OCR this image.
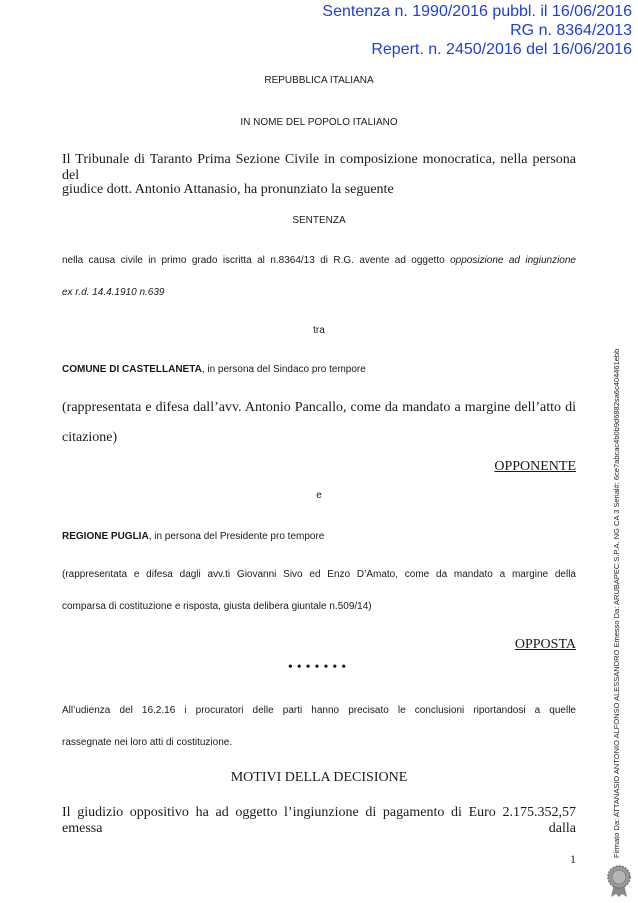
Sentenza n. 1990/2016 pubbl. il 16/06/2016
RG n. 8364/2013
Repert. n. 2450/2016 del 16/06/2016
REPUBBLICA ITALIANA
IN NOME DEL POPOLO ITALIANO
Il Tribunale di Taranto Prima Sezione Civile in composizione monocratica, nella persona del
giudice dott. Antonio Attanasio, ha pronunziato la seguente
SENTENZA
nella causa civile in primo grado iscritta al n.8364/13 di R.G. avente ad oggetto opposizione ad ingiunzione
ex r.d. 14.4.1910 n.639
tra
COMUNE DI CASTELLANETA, in persona del Sindaco pro tempore
(rappresentata e difesa dall’avv. Antonio Pancallo, come da mandato a margine dell’atto di
citazione)
OPPONENTE
e
REGIONE PUGLIA, in persona del Presidente pro tempore
(rappresentata e difesa dagli avv.ti Giovanni Sivo ed Enzo D’Amato, come da mandato a margine della
comparsa di costituzione e risposta, giusta delibera giuntale n.509/14)
OPPOSTA
•••••••
All’udienza del 16.2.16 i procuratori delle parti hanno precisato le conclusioni riportandosi a quelle
rassegnate nei loro atti di costituzione.
MOTIVI DELLA DECISIONE
Il giudizio oppositivo ha ad oggetto l’ingiunzione di pagamento di Euro 2.175.352,57 emessa dalla
1
Firmato Da: ATTANASIO ANTONIO ALFONSO ALESSANDRO Emesso Da: ARUBAPEC S.P.A. NG CA 3 Serial#: 6ce7abcac4b0b9d6882sa6c404461ebb
